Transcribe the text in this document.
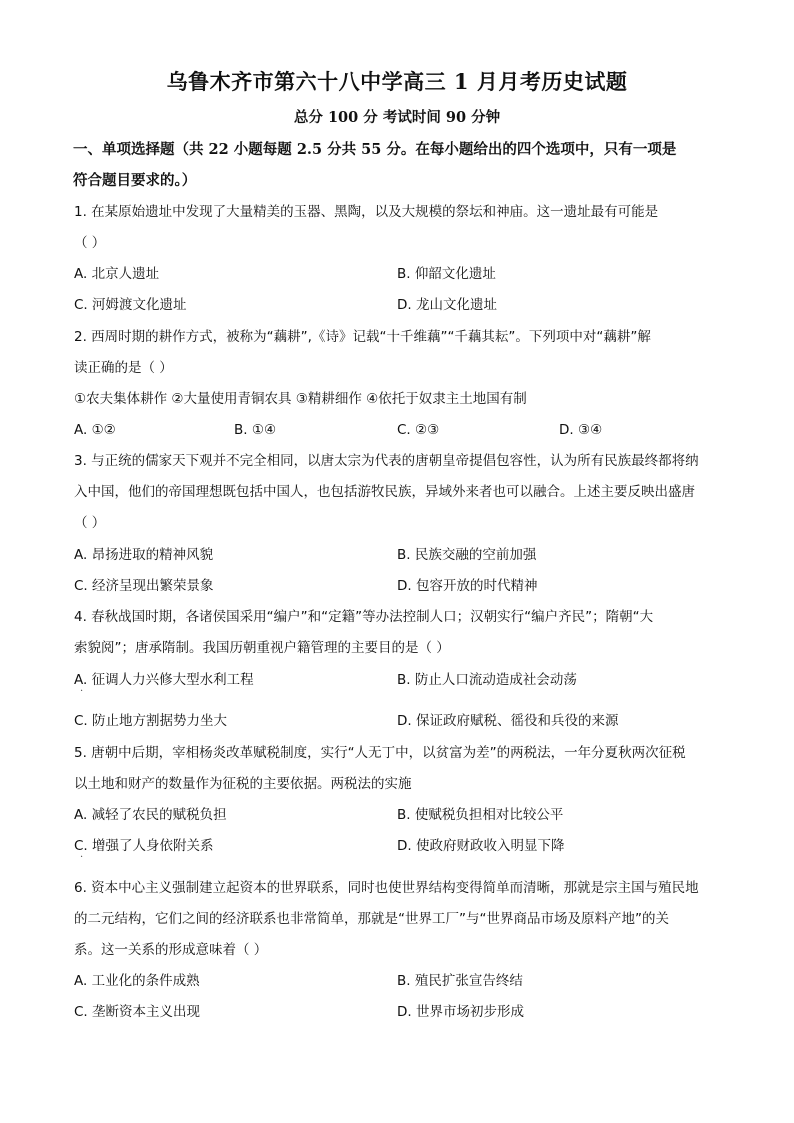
乌鲁木齐市第六十八中学高三 1 月月考历史试题
总分 100 分 考试时间 90 分钟
一、单项选择题（共 22 小题每题 2.5 分共 55 分。在每小题给出的四个选项中，只有一项是
符合题目要求的。）
1. 在某原始遗址中发现了大量精美的玉器、黑陶，以及大规模的祭坛和神庙。这一遗址最有可能是
（ ）
A. 北京人遗址	B. 仰韶文化遗址
C. 河姆渡文化遗址	D. 龙山文化遗址
2. 西周时期的耕作方式，被称为“藕耕”,《诗》记载“十千维藕”“千藕其耘”。下列项中对“藕耕”解
读正确的是（ ）
①农夫集体耕作 ②大量使用青铜农具 ③精耕细作 ④依托于奴隶主土地国有制
A. ①②	B. ①④	C. ②③	D. ③④
3. 与正统的儒家天下观并不完全相同，以唐太宗为代表的唐朝皇帝提倡包容性，认为所有民族最终都将纳
入中国，他们的帝国理想既包括中国人，也包括游牧民族，异域外来者也可以融合。上述主要反映出盛唐
（ ）
A. 昂扬进取的精神风貌	B. 民族交融的空前加强
C. 经济呈现出繁荣景象	D. 包容开放的时代精神
4. 春秋战国时期，各诸侯国采用“编户”和“定籍”等办法控制人口；汉朝实行“编户齐民”；隋朝“大
索貌阅”；唐承隋制。我国历朝重视户籍管理的主要目的是（ ）
A. 征调人力兴修大型水利工程	B. 防止人口流动造成社会动荡
·
C. 防止地方割据势力坐大	D. 保证政府赋税、徭役和兵役的来源
5. 唐朝中后期，宰相杨炎改革赋税制度，实行“人无丁中，以贫富为差”的两税法，一年分夏秋两次征税
以土地和财产的数量作为征税的主要依据。两税法的实施
A. 减轻了农民的赋税负担	B. 使赋税负担相对比较公平
C. 增强了人身依附关系	D. 使政府财政收入明显下降
·
6. 资本中心主义强制建立起资本的世界联系，同时也使世界结构变得简单而清晰，那就是宗主国与殖民地
的二元结构，它们之间的经济联系也非常简单，那就是“世界工厂”与“世界商品市场及原料产地”的关
系。这一关系的形成意味着（ ）
A. 工业化的条件成熟	B. 殖民扩张宣告终结
C. 垄断资本主义出现	D. 世界市场初步形成
